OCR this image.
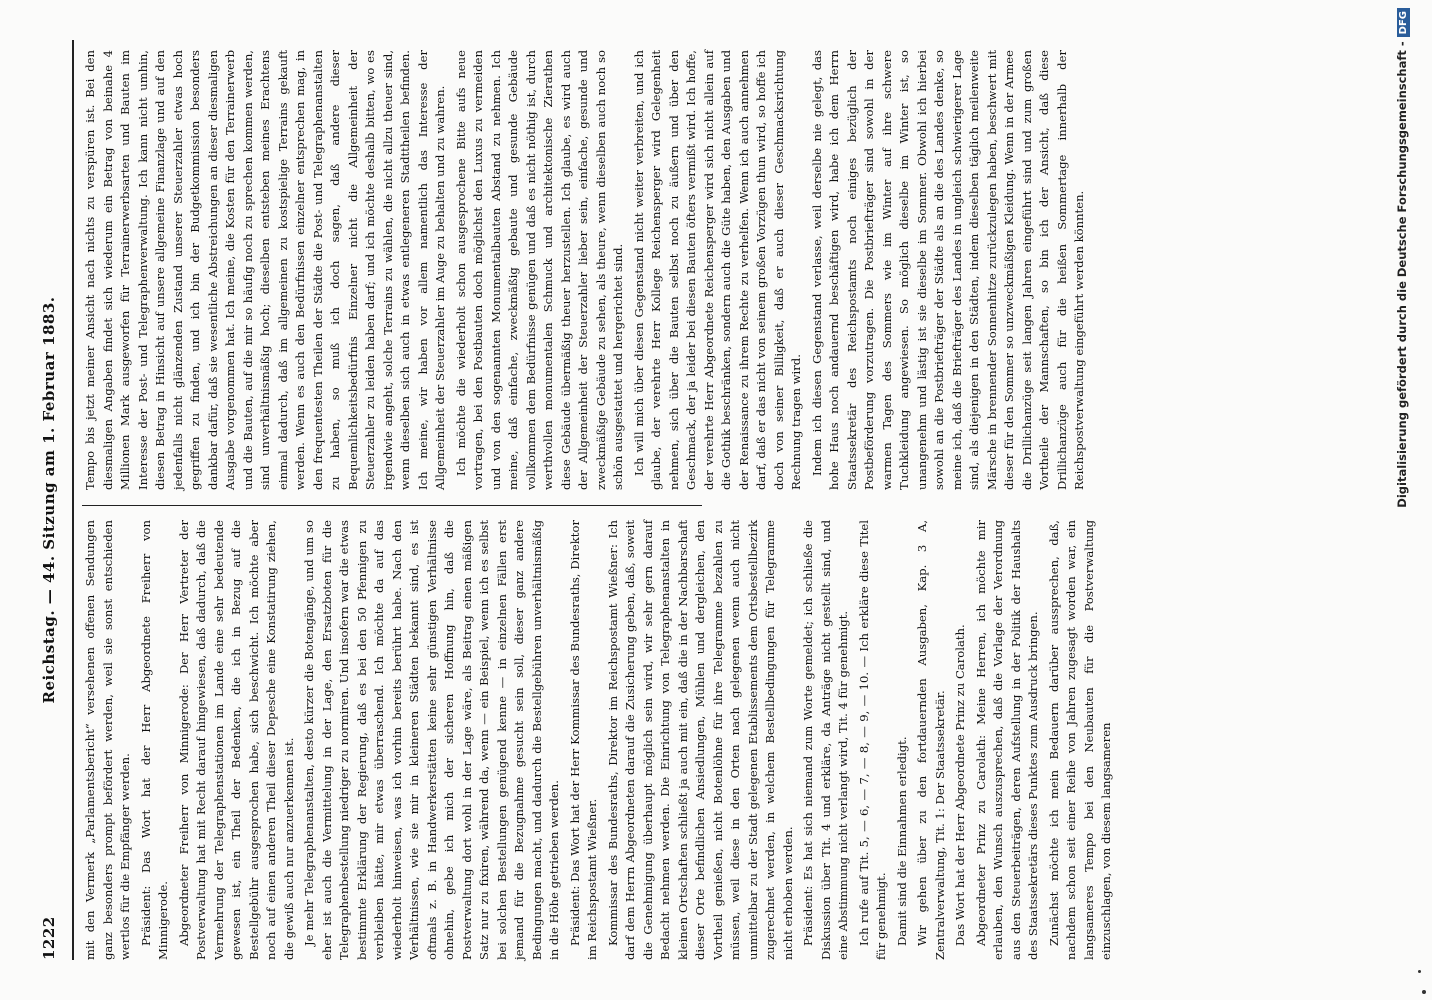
1222
Reichstag. — 44. Sitzung am 1. Februar 1883.

mit den Vermerk „Parlamentsbericht“ versehenen offenen Sendungen ganz besonders prompt befördert werden, weil sie sonst entschieden wertlos für die Empfänger werden. Präsident: Das Wort hat der Herr Abgeordnete Freiherr von Minnigerode. Abgeordneter Freiherr von Minnigerode: Der Herr Vertreter der Postverwaltung hat mit Recht darauf hingewiesen, daß dadurch, daß die Vermehrung der Telegraphenstationen im Lande eine sehr bedeutende gewesen ist, ein Theil der Bedenken, die ich in Bezug auf die Bestellgebühr ausgesprochen habe, sich beschwicht. Ich möchte aber noch auf einen anderen Theil dieser Depesche eine Konstatirung ziehen, die gewiß auch nur anzuerkennen ist. Je mehr Telegraphenanstalten, desto kürzer die Botengänge, und um so eher ist auch die Vermittelung in der Lage, den Ersatzboten für die Telegraphenbestellung niedriger zu normiren. Und insofern war die etwas bestimmte Erklärung der Regierung, daß es bei den 50 Pfennigen zu verbleiben hätte, mir etwas überraschend. Ich möchte da auf das wiederholt hinweisen, was ich vorhin bereits berührt habe. Nach den Verhältnissen, wie sie mir in kleineren Städten bekannt sind, es ist oftmals z. B. in Handwerkerstätten keine sehr günstigen Verhältnisse ohnehin, gebe ich mich der sicheren Hoffnung hin, daß die Postverwaltung dort wohl in der Lage wäre, als Beitrag einen mäßigen Satz nur zu fixiren, während da, wenn — ein Beispiel, wenn ich es selbst bei solchen Bestellungen genügend kenne — in einzelnen Fällen erst jemand für die Bezugnahme gesucht sein soll, dieser ganz andere Bedingungen macht, und dadurch die Bestellgebühren unverhältnismäßig in die Höhe getrieben werden. Präsident: Das Wort hat der Herr Kommissar des Bundesraths, Direktor im Reichspostamt Wießner. Kommissar des Bundesraths, Direktor im Reichspostamt Wießner: Ich darf dem Herrn Abgeordneten darauf die Zusicherung geben, daß, soweit die Genehmigung überhaupt möglich sein wird, wir sehr gern darauf Bedacht nehmen werden. Die Einrichtung von Telegraphenanstalten in kleinen Ortschaften schließt ja auch mit ein, daß die in der Nachbarschaft dieser Orte befindlichen Ansiedlungen, Mühlen und dergleichen, den Vortheil genießen, nicht Botenlöhne für ihre Telegramme bezahlen zu müssen, weil diese in den Orten nach gelegenen wenn auch nicht unmittelbar zu der Stadt gelegenen Etablissements dem Ortsbestellbezirk zugerechnet werden, in welchem Bestellbedingungen für Telegramme nicht erhoben werden. Präsident: Es hat sich niemand zum Worte gemeldet; ich schließe die Diskussion über Tit. 4 und erkläre, da Anträge nicht gestellt sind, und eine Abstimmung nicht verlangt wird, Tit. 4 für genehmigt. Ich rufe auf Tit. 5, — 6, — 7, — 8, — 9, — 10. — Ich erkläre diese Titel für genehmigt. Damit sind die Einnahmen erledigt. Wir gehen über zu den fortdauernden Ausgaben, Kap. 3 A, Zentralverwaltung, Tit. 1: Der Staatssekretär. Das Wort hat der Herr Abgeordnete Prinz zu Carolath. Abgeordneter Prinz zu Carolath: Meine Herren, ich möchte mir erlauben, den Wunsch auszusprechen, daß die Vorlage der Verordnung aus den Steuerbeiträgen, deren Aufstellung in der Politik der Haushalts des Staatssekretärs dieses Punktes zum Ausdruck bringen. Zunächst möchte ich mein Bedauern darüber aussprechen, daß, nachdem schon seit einer Reihe von Jahren zugesagt worden war, ein langsameres Tempo bei den Neubauten für die Postverwaltung einzuschlagen, von diesem langsameren

Tempo bis jetzt meiner Ansicht nach nichts zu verspüren ist. Bei den diesmaligen Angaben findet sich wiederum ein Betrag von beinahe 4 Millionen Mark ausgeworfen für Terrainerwerbsarten und Bauten im Interesse der Post- und Telegraphenverwaltung. Ich kann nicht umhin, diesen Betrag in Hinsicht auf unsere allgemeine Finanzlage und auf den jedenfalls nicht glänzenden Zustand unserer Steuerzahler etwas hoch gegriffen zu finden, und ich bin der Budgetkommission besonders dankbar dafür, daß sie wesentliche Abstreichungen an dieser diesmaligen Ausgabe vorgenommen hat. Ich meine, die Kosten für den Terrainerwerb und die Bauten, auf die mir so häufig noch zu sprechen kommen werden, sind unverhältnismäßig hoch; dieselben entsteben meines Erachtens einmal dadurch, daß im allgemeinen zu kostspielige Terrains gekauft werden. Wenn es auch den Bedürfnissen einzelner entsprechen mag, in den frequentesten Theilen der Städte die Post- und Telegraphenanstalten zu haben, so muß ich doch sagen, daß andere dieser Bequemlichkeitsbedürfnis Einzelner nicht die Allgemeinheit der Steuerzahler zu leiden haben darf; und ich möchte deshalb bitten, wo es irgendwie angeht, solche Terrains zu wählen, die nicht allzu theuer sind, wenn dieselben sich auch in etwas entlegeneren Stadttheilen befinden. Ich meine, wir haben vor allem namentlich das Interesse der Allgemeinheit der Steuerzahler im Auge zu behalten und zu wahren. Ich möchte die wiederholt schon ausgesprochene Bitte aufs neue vortragen, bei den Postbauten doch möglichst den Luxus zu vermeiden und von den sogenannten Monumentalbauten Abstand zu nehmen. Ich meine, daß einfache, zweckmäßig gebaute und gesunde Gebäude vollkommen dem Bedürfnisse genügen und daß es nicht nöthig ist, durch werthvollen monumentalen Schmuck und architektonische Zierathen diese Gebäude übermäßig theuer herzustellen. Ich glaube, es wird auch der Allgemeinheit der Steuerzahler lieber sein, einfache, gesunde und zweckmäßige Gebäude zu sehen, als theure, wenn dieselben auch noch so schön ausgestattet und hergerichtet sind. Ich will mich über diesen Gegenstand nicht weiter verbreiten, und ich glaube, der verehrte Herr Kollege Reichensperger wird Gelegenheit nehmen, sich über die Bauten selbst noch zu äußern und über den Geschmack, der ja leider bei diesen Bauten öfters vermißt wird. Ich hoffe, der verehrte Herr Abgeordnete Reichensperger wird sich nicht allein auf die Gothik beschränken, sondern auch die Güte haben, den Ausgaben und der Renaissance zu ihrem Rechte zu verhelfen. Wenn ich auch annehmen darf, daß er das nicht von seinem großen Vorzügen thun wird, so hoffe ich doch von seiner Billigkeit, daß er auch dieser Geschmacksrichtung Rechnung tragen wird. Indem ich diesen Gegenstand verlasse, weil derselbe nie gelegt, das hohe Haus noch andauernd beschäftigen wird, habe ich dem Herrn Staatssekretär des Reichspostamts noch einiges bezüglich der Postbeförderung vorzutragen. Die Postbriefträger sind sowohl in der warmen Tagen des Sommers wie im Winter auf ihre schwere Tuchkleidung angewiesen. So möglich dieselbe im Winter ist, so unangenehm und lästig ist sie dieselbe im Sommer. Obwohl ich hierbei sowohl an die Postbriefträger der Städte als an die des Landes denke, so meine ich, daß die Briefträger des Landes in ungleich schwierigerer Lage sind, als diejenigen in den Städten, indem dieselben täglich meilenweite Märsche in brennender Sonnenhitze zurückzulegen haben, beschwert mit dieser für den Sommer so unzweckmäßigen Kleidung. Wenn in der Armee die Drillichanzüge seit langen Jahren eingeführt sind und zum großen Vortheile der Mannschaften, so bin ich der Ansicht, daß diese Drillichanzüge auch für die heißen Sommertage innerhalb der Reichspostverwaltung eingeführt werden könnten.	Digitalisierung gefördert durch die Deutsche Forschungsgemeinschaft -DFG
